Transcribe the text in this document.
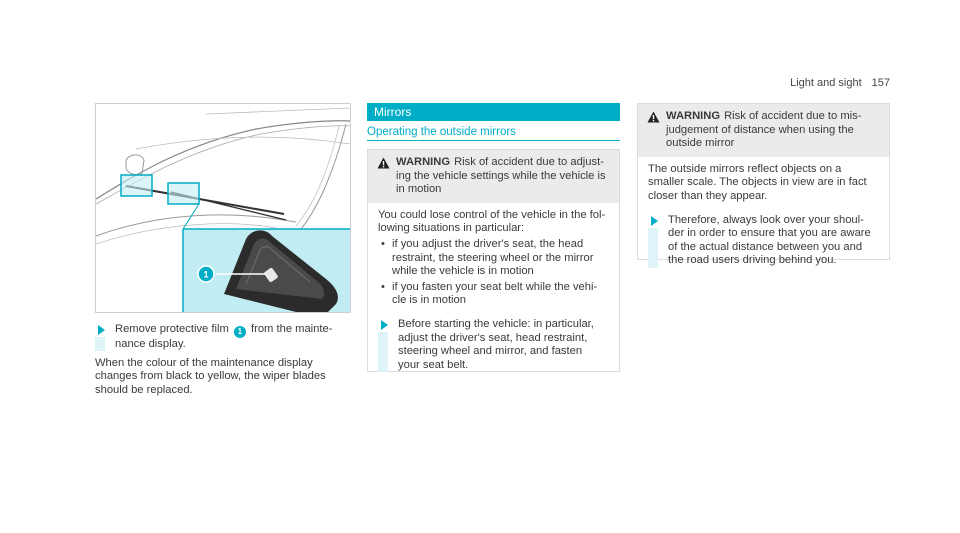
Light and sight 157
1
Remove protective film 1 from the mainte-
nance display.
When the colour of the maintenance display
changes from black to yellow, the wiper blades
should be replaced.
Mirrors
Operating the outside mirrors
WARNING Risk of accident due to adjust-
ing the vehicle settings while the vehicle is
in motion
You could lose control of the vehicle in the fol-
lowing situations in particular:
• if you adjust the driver's seat, the head
restraint, the steering wheel or the mirror
while the vehicle is in motion
• if you fasten your seat belt while the vehi-
cle is in motion
Before starting the vehicle: in particular,
adjust the driver's seat, head restraint,
steering wheel and mirror, and fasten
your seat belt.
WARNING Risk of accident due to mis-
judgement of distance when using the
outside mirror
The outside mirrors reflect objects on a
smaller scale. The objects in view are in fact
closer than they appear.
Therefore, always look over your shoul-
der in order to ensure that you are aware
of the actual distance between you and
the road users driving behind you.
